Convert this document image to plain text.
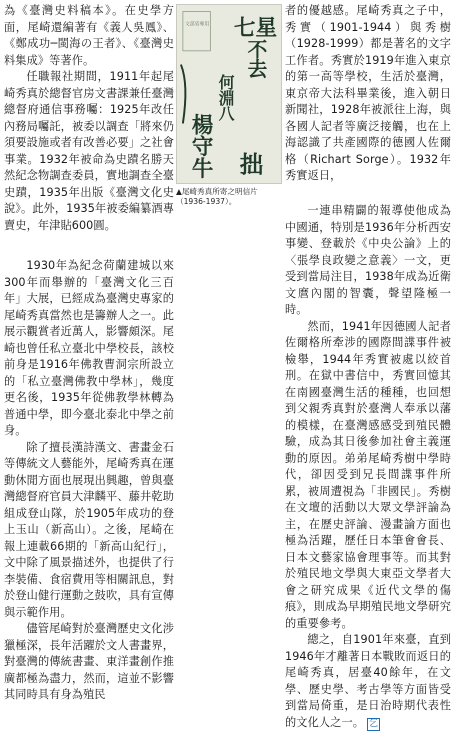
為《臺灣史料稿本》。在史學方面，尾崎還編著有《義人吳鳳》、《鄭成功─閩海の王者》、《臺灣史料集成》等著作。

任職報社期間，1911年起尾崎秀真於總督官房文書課兼任臺灣總督府通信事務囑：1925年改任內務局囑託，被委以調查「將來仍須要設施或者有改善必要」之社會事業。1932年被命為史蹟名勝天然紀念物調查委員，實地調查全臺史蹟，1935年出版《臺灣文化史說》。此外，1935年被委編纂酒專賣史，年津貼600圓。

七星
不去
何淵八
楊守牛 拙
文部省專用
▲尾崎秀真所寄之明信片（1936-1937）。

者的優越感。尾崎秀真之子中，秀實（1901-1944）與秀樹（1928-1999）都是著名的文字工作者。秀實於1919年進入東京的第一高等學校，生活於臺灣，東京帝大法科畢業後，進入朝日新聞社，1928年被派往上海，與各國人記者等廣泛接觸，也在上海認識了共產國際的德國人佐爾格（Richart Sorge）。1932年秀實返日，

1930年為紀念荷蘭建城以來300年而舉辦的「臺灣文化三百年」大展，已經成為臺灣史專家的尾崎秀真當然也是籌辦人之一。此展示觀賞者近萬人，影響頗深。尾崎也曾任私立臺北中學校長，該校前身是1916年佛教曹洞宗所設立的「私立臺灣佛教中學林」，幾度更名後，1935年從佛教學林轉為普通中學，即今臺北泰北中學之前身。

除了擅長漢詩漢文、書畫金石等傳統文人藝能外，尾崎秀真在運動休閒方面也展現出興趣，曾與臺灣總督府官員大津麟平、藤井乾助組成登山隊，於1905年成功的登上玉山（新高山）。之後，尾崎在報上連載66期的「新高山紀行」，文中除了風景描述外，也提供了行李裝備、食宿費用等相關訊息，對於登山健行運動之鼓吹，具有宣傳與示範作用。

儘管尾崎對於臺灣歷史文化涉獵極深，長年活躍於文人書畫界，對臺灣的傳統書畫、東洋畫創作推廣都極為盡力，然而，這並不影響其同時具有身為殖民

一連串精闢的報導使他成為中國通，特別是1936年分析西安事變、登載於《中央公論》上的〈張學良政變之意義〉一文，更受到當局注目，1938年成為近衛文麿內閣的智囊，聲望隆極一時。

然而，1941年因德國人記者佐爾格所牽涉的國際間諜事件被檢舉，1944年秀實被處以絞首刑。在獄中書信中，秀實回憶其在南國臺灣生活的種種，也回想到父親秀真對於臺灣人奉承以藩的模樣，在臺灣感感受到殖民體驗，成為其日後參加社會主義運動的原因。弟弟尾崎秀樹中學時代，卻因受到兄長間諜事件所累，被周遭視為「非國民」。秀樹在文壇的活動以大眾文學評論為主，在歷史評論、漫畫論方面也極為活躍，歷任日本筆會會長、日本文藝家協會理事等。而其對於殖民地文學與大東亞文學者大會之研究成果《近代文學的傷痕》，則成為早期殖民地文學研究的重要參考。

總之，自1901年來臺，直到1946年才離著日本戰敗而返日的尾崎秀真，居臺40餘年，在文學、歷史學、考古學等方面皆受到當局倚重，是日治時期代表性的文化人之一。 乞
